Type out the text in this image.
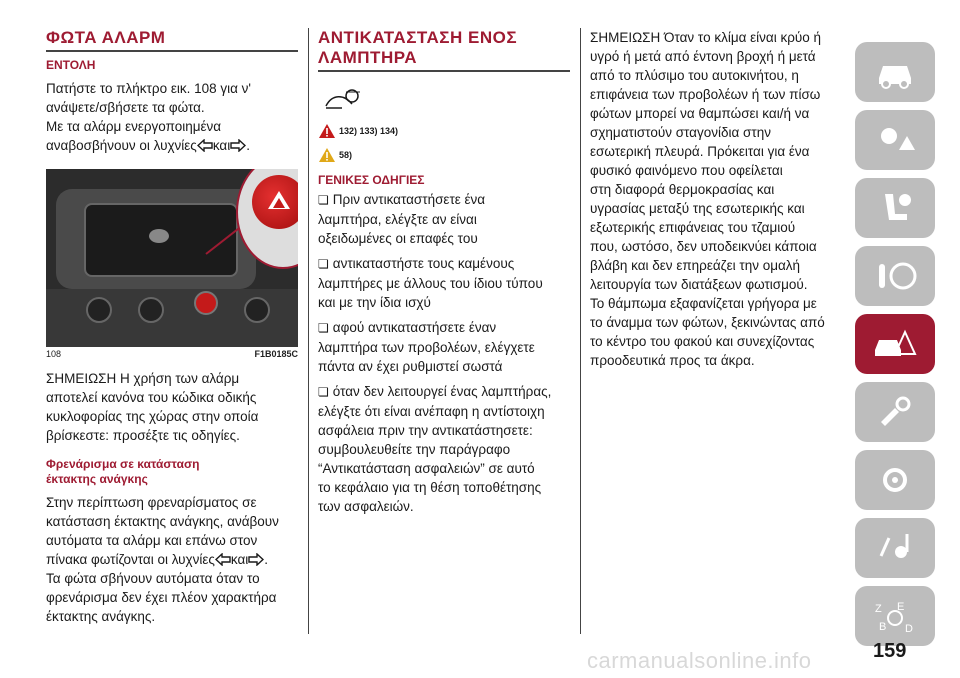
ΦΩΤΑ ΑΛΑΡΜ
ΕΝΤΟΛΗ

Πατήστε το πλήκτρο εικ. 108 για ν'
ανάψετε/σβήσετε τα φώτα.
Με τα αλάρμ ενεργοποιημένα
αναβοσβήνουν οι λυχνίες και .

108	F1B0185C

ΣΗΜΕΙΩΣΗ Η χρήση των αλάρμ
αποτελεί κανόνα του κώδικα οδικής
κυκλοφορίας της χώρας στην οποία
βρίσκεστε: προσέξτε τις οδηγίες.

Φρενάρισμα σε κατάσταση
έκτακτης ανάγκης

Στην περίπτωση φρεναρίσματος σε
κατάσταση έκτακτης ανάγκης, ανάβουν
αυτόματα τα αλάρμ και επάνω στον
πίνακα φωτίζονται οι λυχνίες και .
Τα φώτα σβήνουν αυτόματα όταν το
φρενάρισμα δεν έχει πλέον χαρακτήρα
έκτακτης ανάγκης.

ΑΝΤΙΚΑΤΑΣΤΑΣΗ ΕΝΟΣ
ΛΑΜΠΤΗΡΑ
132) 133) 134)
58)
ΓΕΝΙΚΕΣ ΟΔΗΓΙΕΣ

❏ Πριν αντικαταστήσετε ένα
λαμπτήρα, ελέγξτε αν είναι
οξειδωμένες οι επαφές του

❏ αντικαταστήστε τους καμένους
λαμπτήρες με άλλους του ίδιου τύπου
και με την ίδια ισχύ

❏ αφού αντικαταστήσετε έναν
λαμπτήρα των προβολέων, ελέγχετε
πάντα αν έχει ρυθμιστεί σωστά

❏ όταν δεν λειτουργεί ένας λαμπτήρας,
ελέγξτε ότι είναι ανέπαφη η αντίστοιχη
ασφάλεια πριν την αντικατάστησετε:
συμβουλευθείτε την παράγραφο
“Αντικατάσταση ασφαλειών” σε αυτό
το κεφάλαιο για τη θέση τοποθέτησης
των ασφαλειών.

ΣΗΜΕΙΩΣΗ Όταν το κλίμα είναι κρύο ή
υγρό ή μετά από έντονη βροχή ή μετά
από το πλύσιμο του αυτοκινήτου, η
επιφάνεια των προβολέων ή των πίσω
φώτων μπορεί να θαμπώσει και/ή να
σχηματιστούν σταγονίδια στην
εσωτερική πλευρά. Πρόκειται για ένα
φυσικό φαινόμενο που οφείλεται
στη διαφορά θερμοκρασίας και
υγρασίας μεταξύ της εσωτερικής και
εξωτερικής επιφάνειας του τζαμιού
που, ωστόσο, δεν υποδεικνύει κάποια
βλάβη και δεν επηρεάζει την ομαλή
λειτουργία των διατάξεων φωτισμού.
Το θάμπωμα εξαφανίζεται γρήγορα με
το άναμμα των φώτων, ξεκινώντας από
το κέντρο του φακού και συνεχίζοντας
προοδευτικά προς τα άκρα.

Z E
B D
159
carmanualsonline.info
